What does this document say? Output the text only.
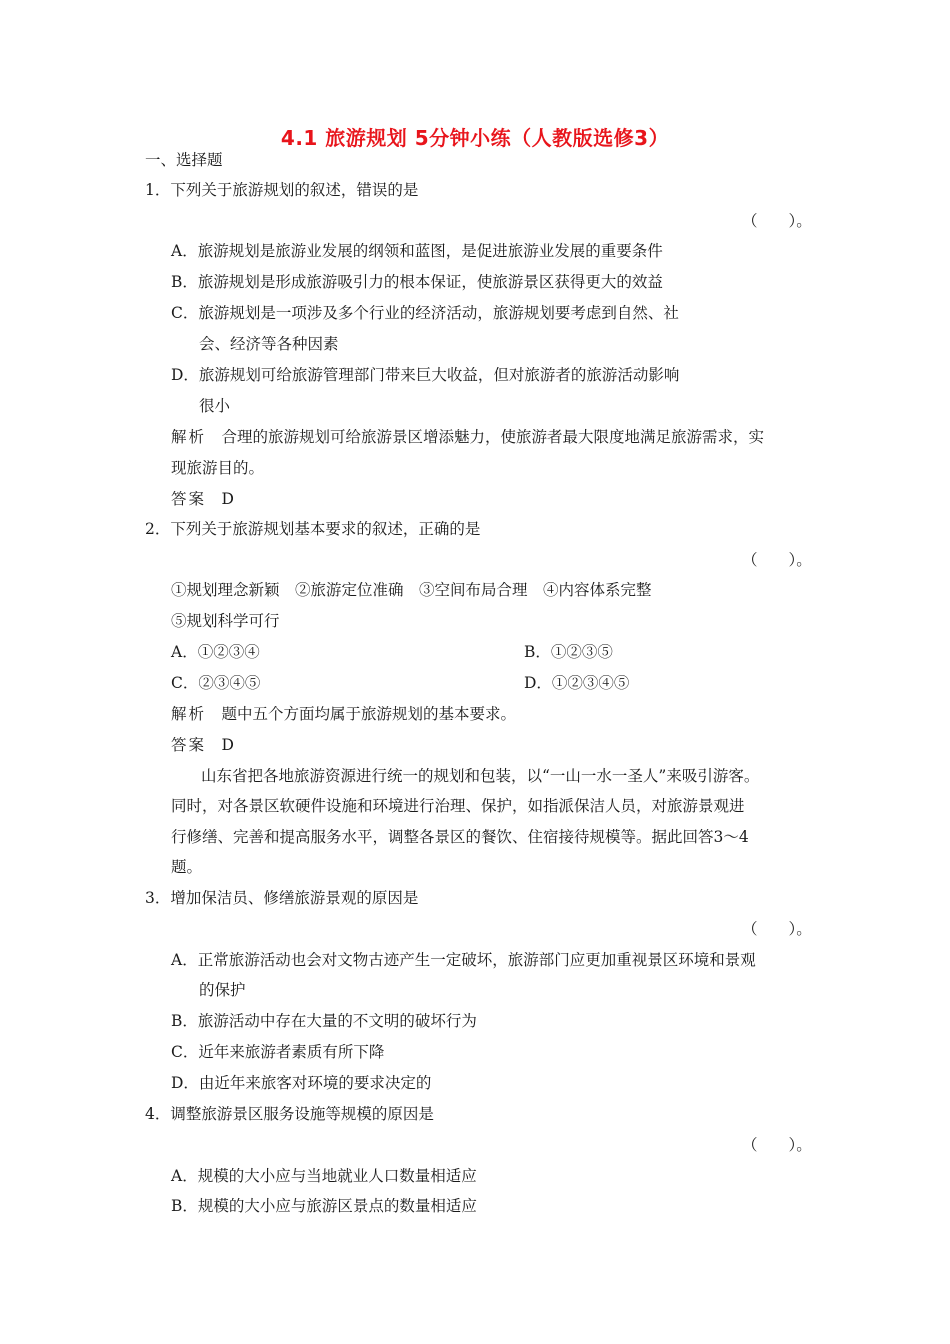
4.1 旅游规划 5分钟小练（人教版选修3）
一、选择题
1．下列关于旅游规划的叙述，错误的是
（　　）。
A．旅游规划是旅游业发展的纲领和蓝图，是促进旅游业发展的重要条件
B．旅游规划是形成旅游吸引力的根本保证，使旅游景区获得更大的效益
C．旅游规划是一项涉及多个行业的经济活动，旅游规划要考虑到自然、社
会、经济等各种因素
D．旅游规划可给旅游管理部门带来巨大收益，但对旅游者的旅游活动影响
很小
解析　 合理的旅游规划可给旅游景区增添魅力，使旅游者最大限度地满足旅游需求，实
现旅游目的。
答案　 D
2．下列关于旅游规划基本要求的叙述，正确的是
（　　）。
①规划理念新颖　②旅游定位准确　③空间布局合理　④内容体系完整
⑤规划科学可行
A．①②③④	B．①②③⑤
C．②③④⑤	D．①②③④⑤
解析　 题中五个方面均属于旅游规划的基本要求。
答案　 D
山东省把各地旅游资源进行统一的规划和包装，以“一山一水一圣人”来吸引游客。
同时，对各景区软硬件设施和环境进行治理、保护，如指派保洁人员，对旅游景观进
行修缮、完善和提高服务水平，调整各景区的餐饮、住宿接待规模等。据此回答3～4
题。
3．增加保洁员、修缮旅游景观的原因是
（　　）。
A．正常旅游活动也会对文物古迹产生一定破坏，旅游部门应更加重视景区环境和景观
的保护
B．旅游活动中存在大量的不文明的破坏行为
C．近年来旅游者素质有所下降
D．由近年来旅客对环境的要求决定的
4．调整旅游景区服务设施等规模的原因是
（　　）。
A．规模的大小应与当地就业人口数量相适应
B．规模的大小应与旅游区景点的数量相适应
